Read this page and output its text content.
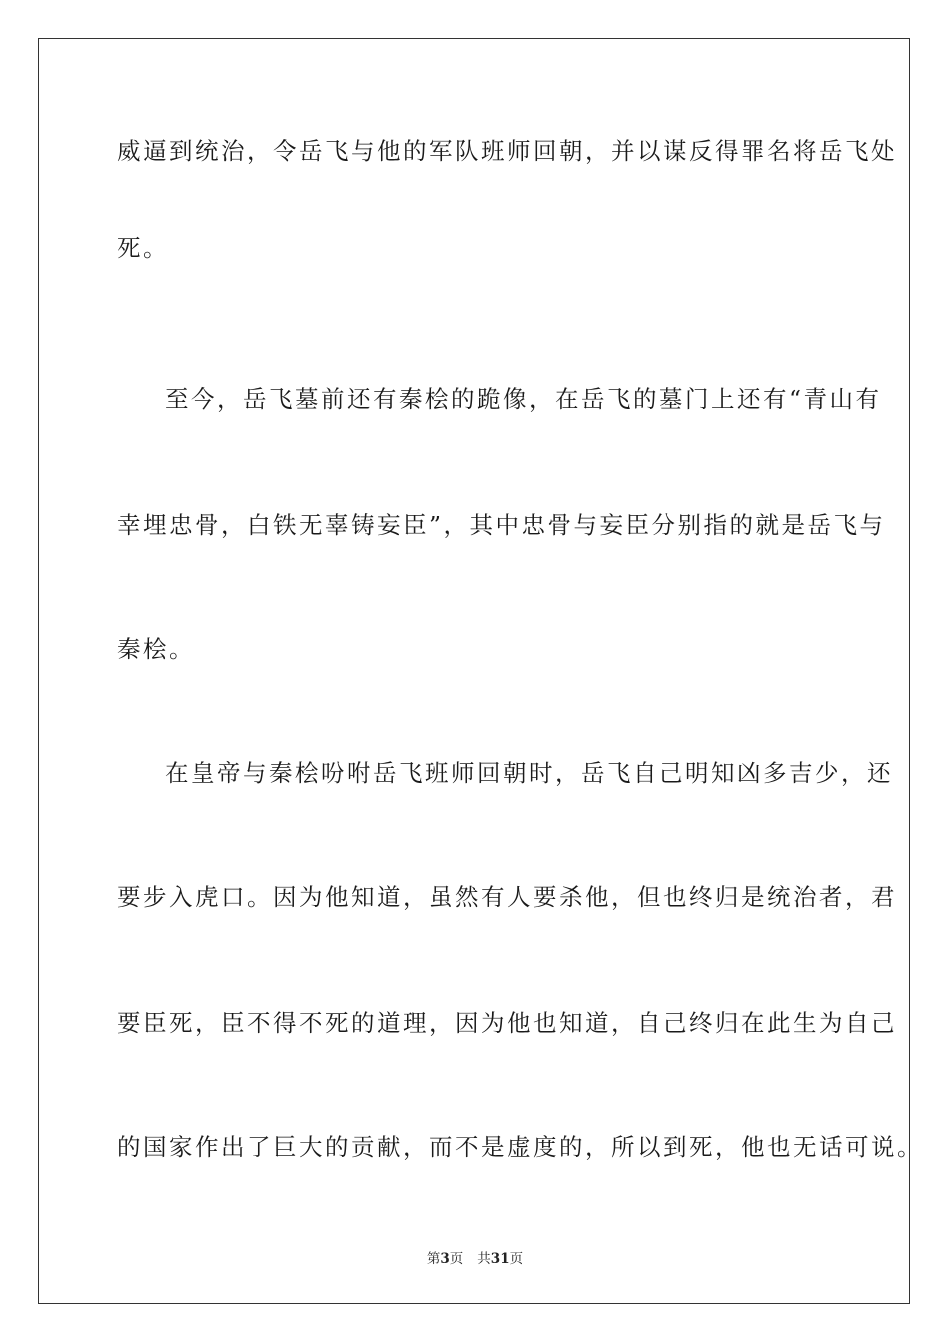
威逼到统治，令岳飞与他的军队班师回朝，并以谋反得罪名将岳飞处
死。
至今，岳飞墓前还有秦桧的跪像，在岳飞的墓门上还有“青山有
幸埋忠骨，白铁无辜铸妄臣”，其中忠骨与妄臣分别指的就是岳飞与
秦桧。
在皇帝与秦桧吩咐岳飞班师回朝时，岳飞自己明知凶多吉少，还
要步入虎口。因为他知道，虽然有人要杀他，但也终归是统治者，君
要臣死，臣不得不死的道理，因为他也知道，自己终归在此生为自己
的国家作出了巨大的贡献，而不是虚度的，所以到死，他也无话可说。
第3页 共31页
